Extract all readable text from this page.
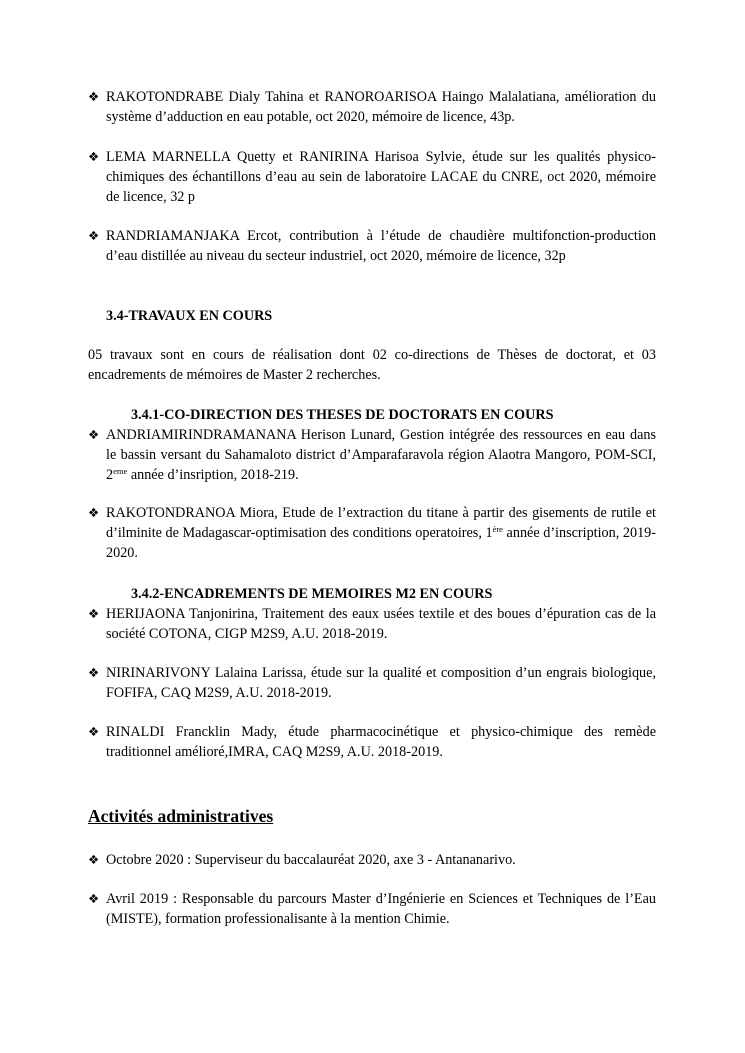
❖ RAKOTONDRABE Dialy Tahina et RANOROARISOA Haingo Malalatiana, amélioration du système d’adduction en eau potable, oct 2020, mémoire de licence, 43p.
❖ LEMA MARNELLA Quetty et RANIRINA Harisoa Sylvie, étude sur les qualités physico-chimiques des échantillons d’eau au sein de laboratoire LACAE du CNRE, oct 2020, mémoire de licence, 32 p
❖ RANDRIAMANJAKA Ercot, contribution à l’étude de chaudière multifonction-production d’eau distillée au niveau du secteur industriel, oct 2020, mémoire de licence, 32p
3.4-TRAVAUX EN COURS
05 travaux sont en cours de réalisation dont 02 co-directions de Thèses de doctorat, et 03 encadrements de mémoires de Master 2 recherches.
3.4.1-CO-DIRECTION DES THESES DE DOCTORATS EN COURS
❖ ANDRIAMIRINDRAMANANA Herison Lunard, Gestion intégrée des ressources en eau dans le bassin versant du Sahamaloto district d’Amparafaravola région Alaotra Mangoro, POM-SCI, 2eme année d’insription, 2018-219.
❖ RAKOTONDRANOA Miora, Etude de l’extraction du titane à partir des gisements de rutile et d’ilminite de Madagascar-optimisation des conditions operatoires, 1ère année d’inscription, 2019-2020.
3.4.2-ENCADREMENTS DE MEMOIRES M2 EN COURS
❖ HERIJAONA Tanjonirina, Traitement des eaux usées textile et des boues d’épuration cas de la société COTONA, CIGP M2S9, A.U. 2018-2019.
❖ NIRINARIVONY Lalaina Larissa, étude sur la qualité et composition d’un engrais biologique, FOFIFA, CAQ M2S9, A.U. 2018-2019.
❖ RINALDI Francklin Mady, étude pharmacocinétique et physico-chimique des remède traditionnel amélioré,IMRA, CAQ M2S9, A.U. 2018-2019.
Activités administratives
❖ Octobre 2020 : Superviseur du baccalauréat 2020, axe 3 - Antananarivo.
❖ Avril 2019 : Responsable du parcours Master d’Ingénierie en Sciences et Techniques de l’Eau (MISTE), formation professionalisante à la mention Chimie.
